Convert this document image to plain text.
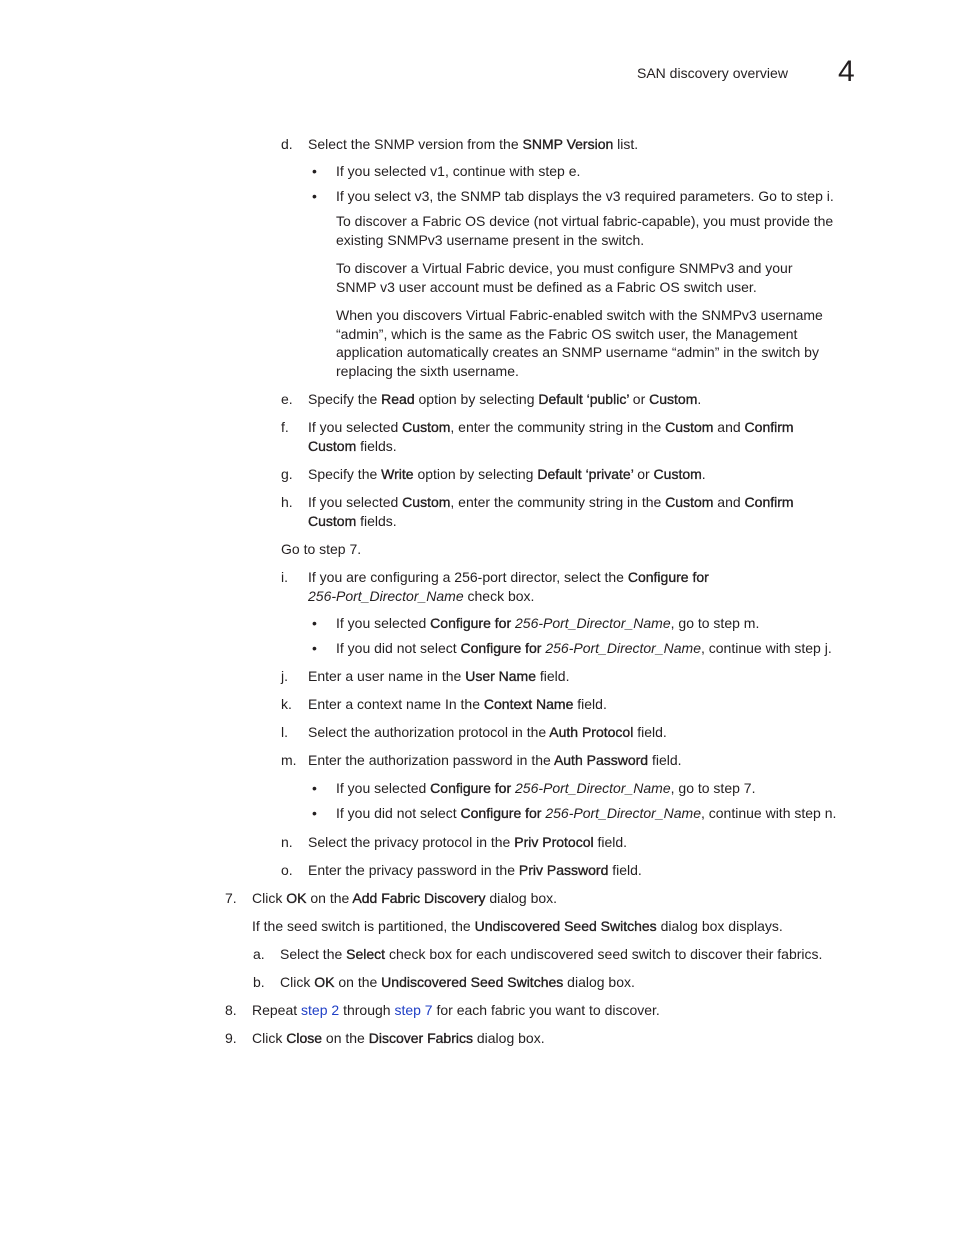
SAN discovery overview 4
d. Select the SNMP version from the SNMP Version list.
• If you selected v1, continue with step e.
• If you select v3, the SNMP tab displays the v3 required parameters. Go to step i.
To discover a Fabric OS device (not virtual fabric-capable), you must provide the
existing SNMPv3 username present in the switch.
To discover a Virtual Fabric device, you must configure SNMPv3 and your
SNMP v3 user account must be defined as a Fabric OS switch user.
When you discovers Virtual Fabric-enabled switch with the SNMPv3 username
“admin”, which is the same as the Fabric OS switch user, the Management
application automatically creates an SNMP username “admin” in the switch by
replacing the sixth username.
e. Specify the Read option by selecting Default ‘public’ or Custom.
f. If you selected Custom, enter the community string in the Custom and Confirm
Custom fields.
g. Specify the Write option by selecting Default ‘private’ or Custom.
h. If you selected Custom, enter the community string in the Custom and Confirm
Custom fields.
Go to step 7.
i. If you are configuring a 256-port director, select the Configure for
256-Port_Director_Name check box.
• If you selected Configure for 256-Port_Director_Name, go to step m.
• If you did not select Configure for 256-Port_Director_Name, continue with step j.
j. Enter a user name in the User Name field.
k. Enter a context name In the Context Name field.
l. Select the authorization protocol in the Auth Protocol field.
m. Enter the authorization password in the Auth Password field.
• If you selected Configure for 256-Port_Director_Name, go to step 7.
• If you did not select Configure for 256-Port_Director_Name, continue with step n.
n. Select the privacy protocol in the Priv Protocol field.
o. Enter the privacy password in the Priv Password field.
7. Click OK on the Add Fabric Discovery dialog box.
If the seed switch is partitioned, the Undiscovered Seed Switches dialog box displays.
a. Select the Select check box for each undiscovered seed switch to discover their fabrics.
b. Click OK on the Undiscovered Seed Switches dialog box.
8. Repeat step 2 through step 7 for each fabric you want to discover.
9. Click Close on the Discover Fabrics dialog box.
